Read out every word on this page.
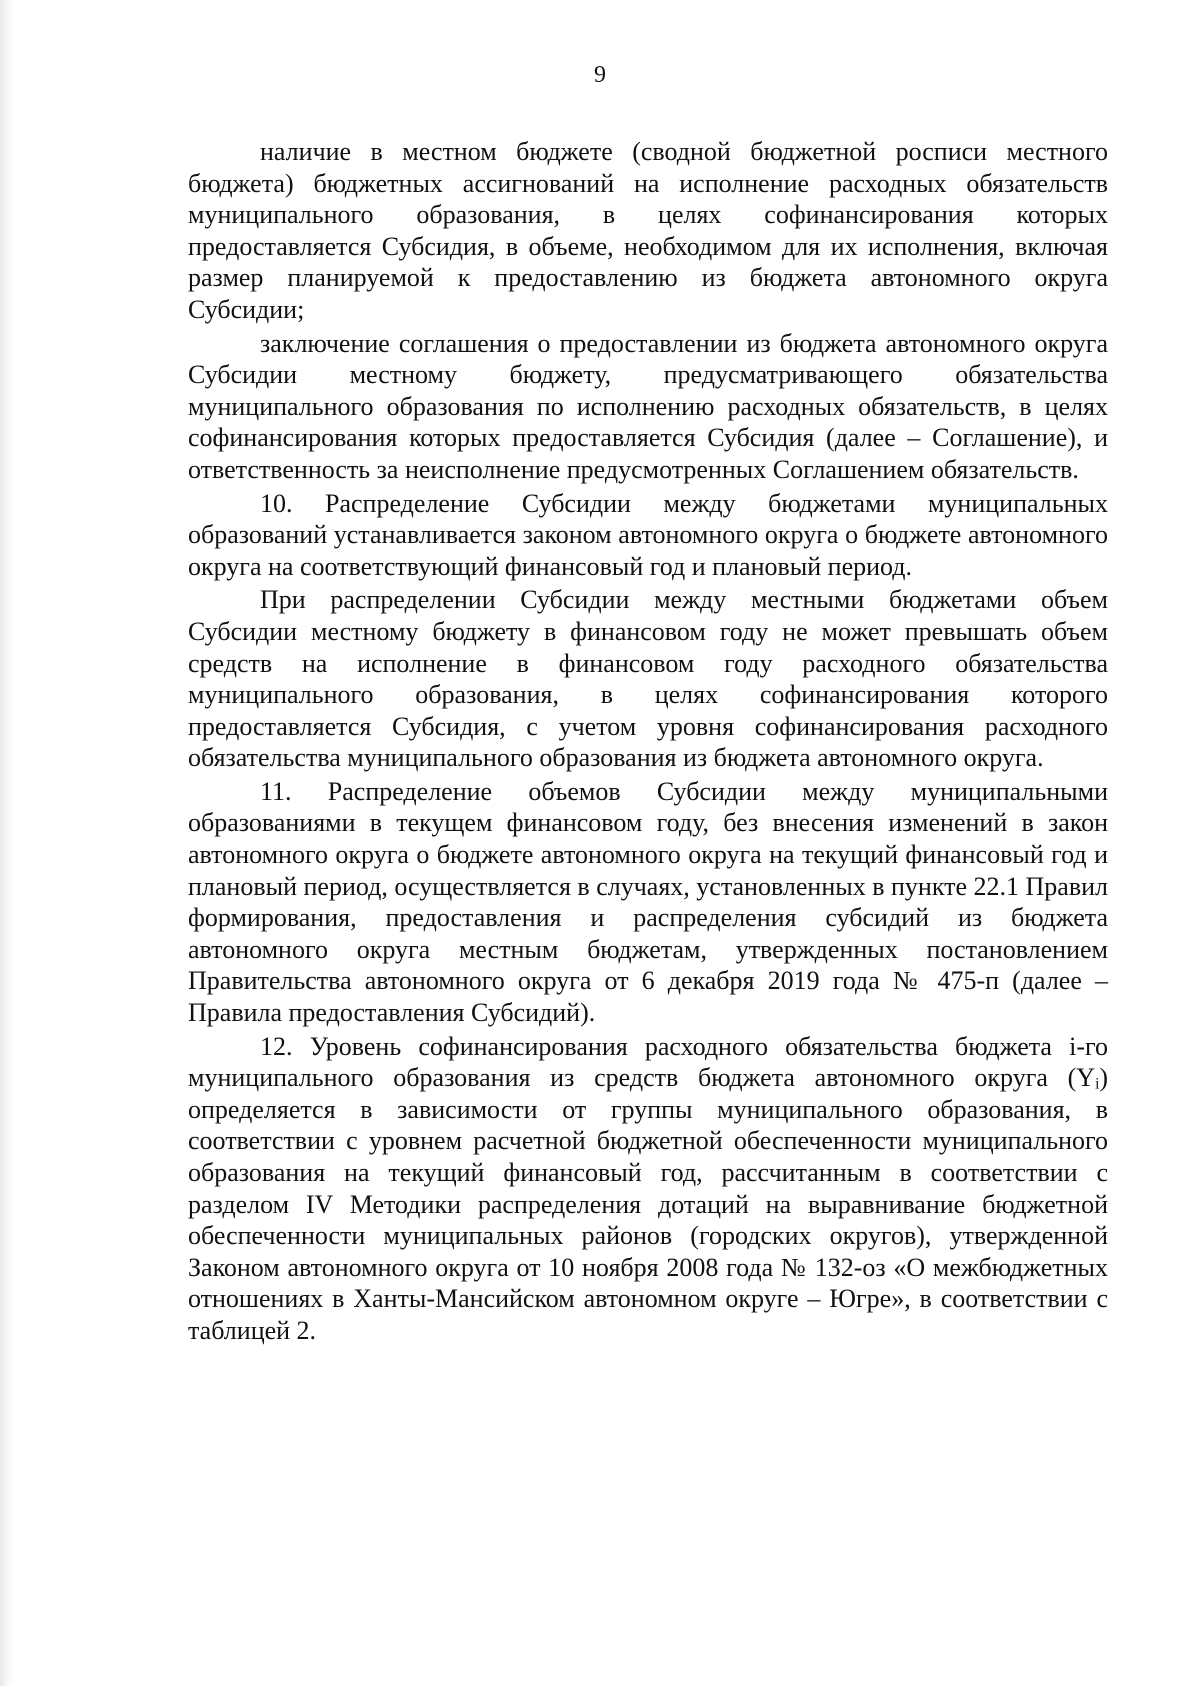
9

наличие в местном бюджете (сводной бюджетной росписи местного бюджета) бюджетных ассигнований на исполнение расходных обязательств муниципального образования, в целях софинансирования которых предоставляется Субсидия, в объеме, необходимом для их исполнения, включая размер планируемой к предоставлению из бюджета автономного округа Субсидии;

заключение соглашения о предоставлении из бюджета автономного округа Субсидии местному бюджету, предусматривающего обязательства муниципального образования по исполнению расходных обязательств, в целях софинансирования которых предоставляется Субсидия (далее – Соглашение), и ответственность за неисполнение предусмотренных Соглашением обязательств.

10. Распределение Субсидии между бюджетами муниципальных образований устанавливается законом автономного округа о бюджете автономного округа на соответствующий финансовый год и плановый период.

При распределении Субсидии между местными бюджетами объем Субсидии местному бюджету в финансовом году не может превышать объем средств на исполнение в финансовом году расходного обязательства муниципального образования, в целях софинансирования которого предоставляется Субсидия, с учетом уровня софинансирования расходного обязательства муниципального образования из бюджета автономного округа.

11. Распределение объемов Субсидии между муниципальными образованиями в текущем финансовом году, без внесения изменений в закон автономного округа о бюджете автономного округа на текущий финансовый год и плановый период, осуществляется в случаях, установленных в пункте 22.1 Правил формирования, предоставления и распределения субсидий из бюджета автономного округа местным бюджетам, утвержденных постановлением Правительства автономного округа от 6 декабря 2019 года № 475-п (далее – Правила предоставления Субсидий).

12. Уровень софинансирования расходного обязательства бюджета i-го муниципального образования из средств бюджета автономного округа (Yᵢ) определяется в зависимости от группы муниципального образования, в соответствии с уровнем расчетной бюджетной обеспеченности муниципального образования на текущий финансовый год, рассчитанным в соответствии с разделом IV Методики распределения дотаций на выравнивание бюджетной обеспеченности муниципальных районов (городских округов), утвержденной Законом автономного округа от 10 ноября 2008 года № 132-оз «О межбюджетных отношениях в Ханты-Мансийском автономном округе – Югре», в соответствии с таблицей 2.
